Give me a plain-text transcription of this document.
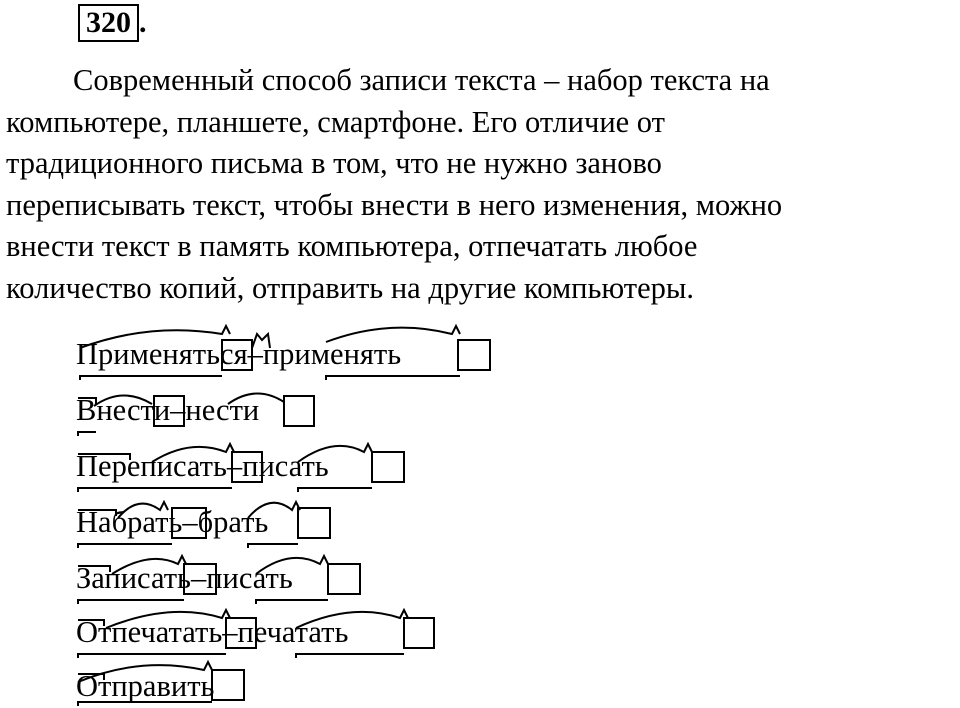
320 .
Современный способ записи текста – набор текста на
компьютере, планшете, смартфоне. Его отличие от
традиционного письма в том, что не нужно заново
переписывать текст, чтобы внести в него изменения, можно
внести текст в память компьютера, отпечатать любое
количество копий, отправить на другие компьютеры.
Применяться–применять
Внести–нести
Переписать–писать
Набрать–брать
Записать–писать
Отпечатать–печатать
Отправить
